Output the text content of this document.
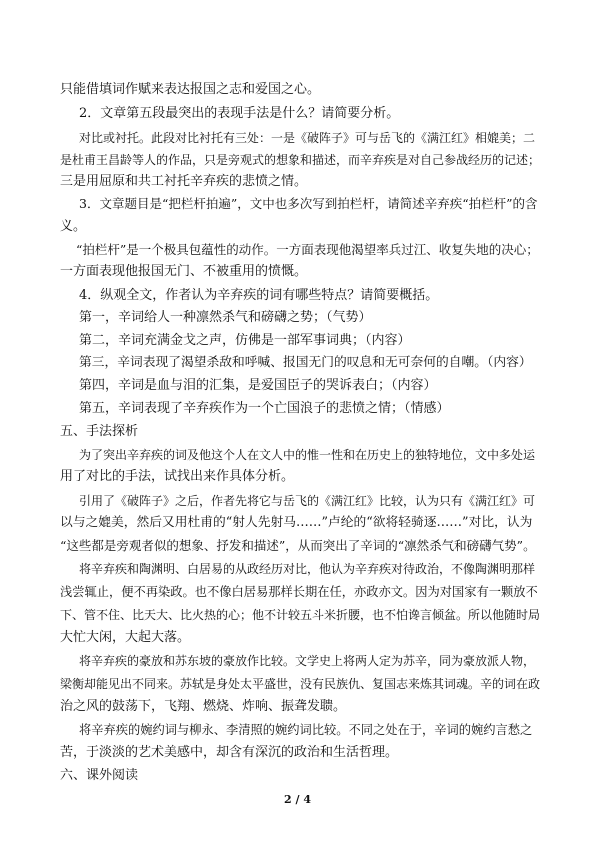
只能借填词作赋来表达报国之志和爱国之心。
2．文章第五段最突出的表现手法是什么？请简要分析。
对比或衬托。此段对比衬托有三处：一是《破阵子》可与岳飞的《满江红》相媲美；二
是杜甫王昌龄等人的作品，只是旁观式的想象和描述，而辛弃疾是对自己参战经历的记述；
三是用屈原和共工衬托辛弃疾的悲愤之情。
3．文章题目是“把栏杆拍遍”，文中也多次写到拍栏杆，请简述辛弃疾“拍栏杆”的含
义。
“拍栏杆”是一个极具包蕴性的动作。一方面表现他渴望率兵过江、收复失地的决心；
一方面表现他报国无门、不被重用的愤慨。
4．纵观全文，作者认为辛弃疾的词有哪些特点？请简要概括。
第一，辛词给人一种凛然杀气和磅礴之势；（气势）
第二，辛词充满金戈之声，仿佛是一部军事词典；（内容）
第三，辛词表现了渴望杀敌和呼喊、报国无门的叹息和无可奈何的自嘲。（内容）
第四，辛词是血与泪的汇集，是爱国臣子的哭诉表白；（内容）
第五，辛词表现了辛弃疾作为一个亡国浪子的悲愤之情；（情感）
五、手法探析
为了突出辛弃疾的词及他这个人在文人中的惟一性和在历史上的独特地位，文中多处运
用了对比的手法，试找出来作具体分析。
引用了《破阵子》之后，作者先将它与岳飞的《满江红》比较，认为只有《满江红》可
以与之媲美，然后又用杜甫的“射人先射马……”卢纶的“欲将轻骑逐……”对比，认为
“这些都是旁观者似的想象、抒发和描述”，从而突出了辛词的“凛然杀气和磅礴气势”。
将辛弃疾和陶渊明、白居易的从政经历对比，他认为辛弃疾对待政治，不像陶渊明那样
浅尝辄止，便不再染政。也不像白居易那样长期在任，亦政亦文。因为对国家有一颗放不
下、管不住、比天大、比火热的心；他不计较五斗米折腰，也不怕谗言倾盆。所以他随时局
大忙大闲，大起大落。
将辛弃疾的豪放和苏东坡的豪放作比较。文学史上将两人定为苏辛，同为豪放派人物，
梁衡却能见出不同来。苏轼是身处太平盛世，没有民族仇、复国志来炼其词魂。辛的词在政
治之风的鼓荡下，飞翔、燃烧、炸响、振聋发聩。
将辛弃疾的婉约词与柳永、李清照的婉约词比较。不同之处在于，辛词的婉约言愁之
苦，于淡淡的艺术美感中，却含有深沉的政治和生活哲理。
六、课外阅读
2 / 4
